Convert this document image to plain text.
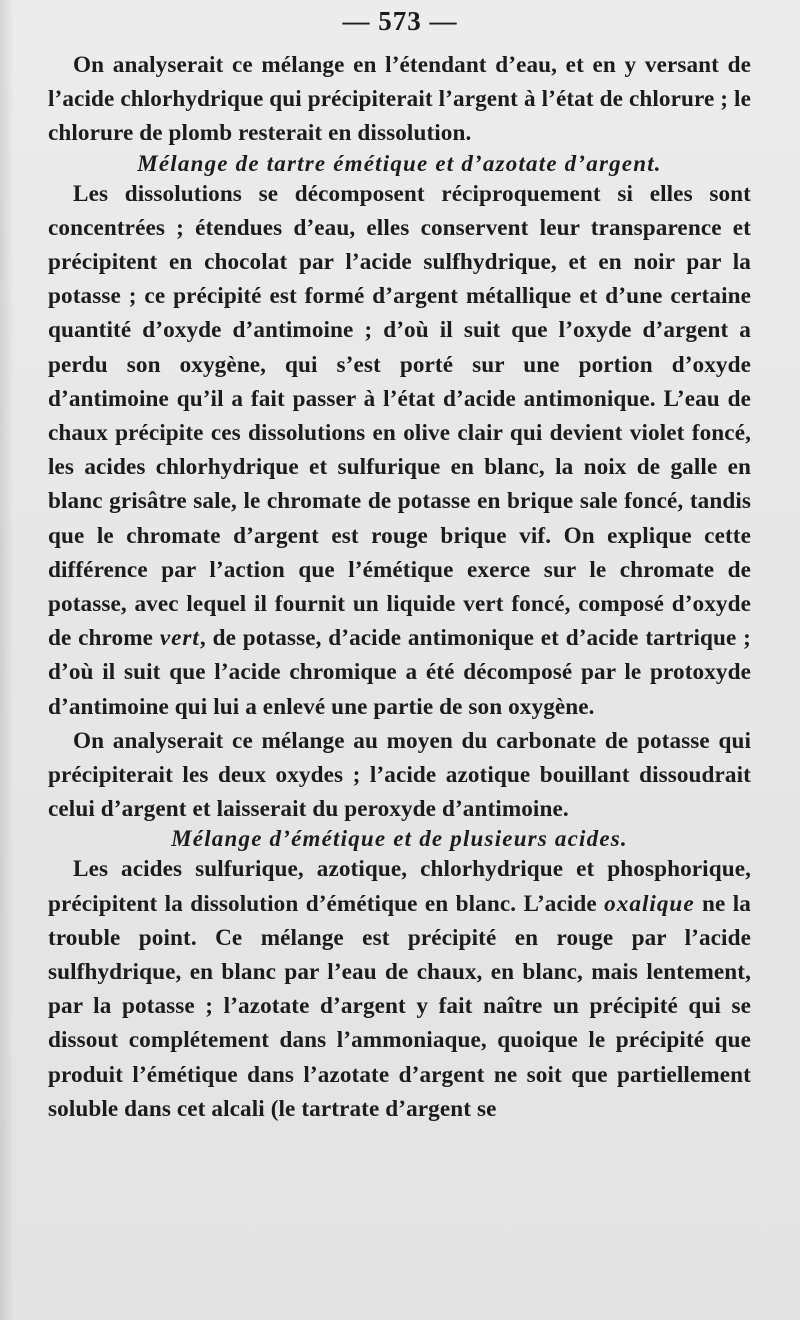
— 573 —

On analyserait ce mélange en l’étendant d’eau, et en y versant de l’acide chlorhydrique qui précipiterait l’argent à l’état de chlorure ; le chlorure de plomb resterait en dissolution.

Mélange de tartre émétique et d’azotate d’argent.

Les dissolutions se décomposent réciproquement si elles sont concentrées ; étendues d’eau, elles conservent leur transparence et précipitent en chocolat par l’acide sulfhydrique, et en noir par la potasse ; ce précipité est formé d’argent métallique et d’une certaine quantité d’oxyde d’antimoine ; d’où il suit que l’oxyde d’argent a perdu son oxygène, qui s’est porté sur une portion d’oxyde d’antimoine qu’il a fait passer à l’état d’acide antimonique. L’eau de chaux précipite ces dissolutions en olive clair qui devient violet foncé, les acides chlorhydrique et sulfurique en blanc, la noix de galle en blanc grisâtre sale, le chromate de potasse en brique sale foncé, tandis que le chromate d’argent est rouge brique vif. On explique cette différence par l’action que l’émétique exerce sur le chromate de potasse, avec lequel il fournit un liquide vert foncé, composé d’oxyde de chrome vert, de potasse, d’acide antimonique et d’acide tartrique ; d’où il suit que l’acide chromique a été décomposé par le protoxyde d’antimoine qui lui a enlevé une partie de son oxygène.

On analyserait ce mélange au moyen du carbonate de potasse qui précipiterait les deux oxydes ; l’acide azotique bouillant dissoudrait celui d’argent et laisserait du peroxyde d’antimoine.

Mélange d’émétique et de plusieurs acides.

Les acides sulfurique, azotique, chlorhydrique et phosphorique, précipitent la dissolution d’émétique en blanc. L’acide oxalique ne la trouble point. Ce mélange est précipité en rouge par l’acide sulfhydrique, en blanc par l’eau de chaux, en blanc, mais lentement, par la potasse ; l’azotate d’argent y fait naître un précipité qui se dissout complétement dans l’ammoniaque, quoique le précipité que produit l’émétique dans l’azotate d’argent ne soit que partiellement soluble dans cet alcali (le tartrate d’argent se
